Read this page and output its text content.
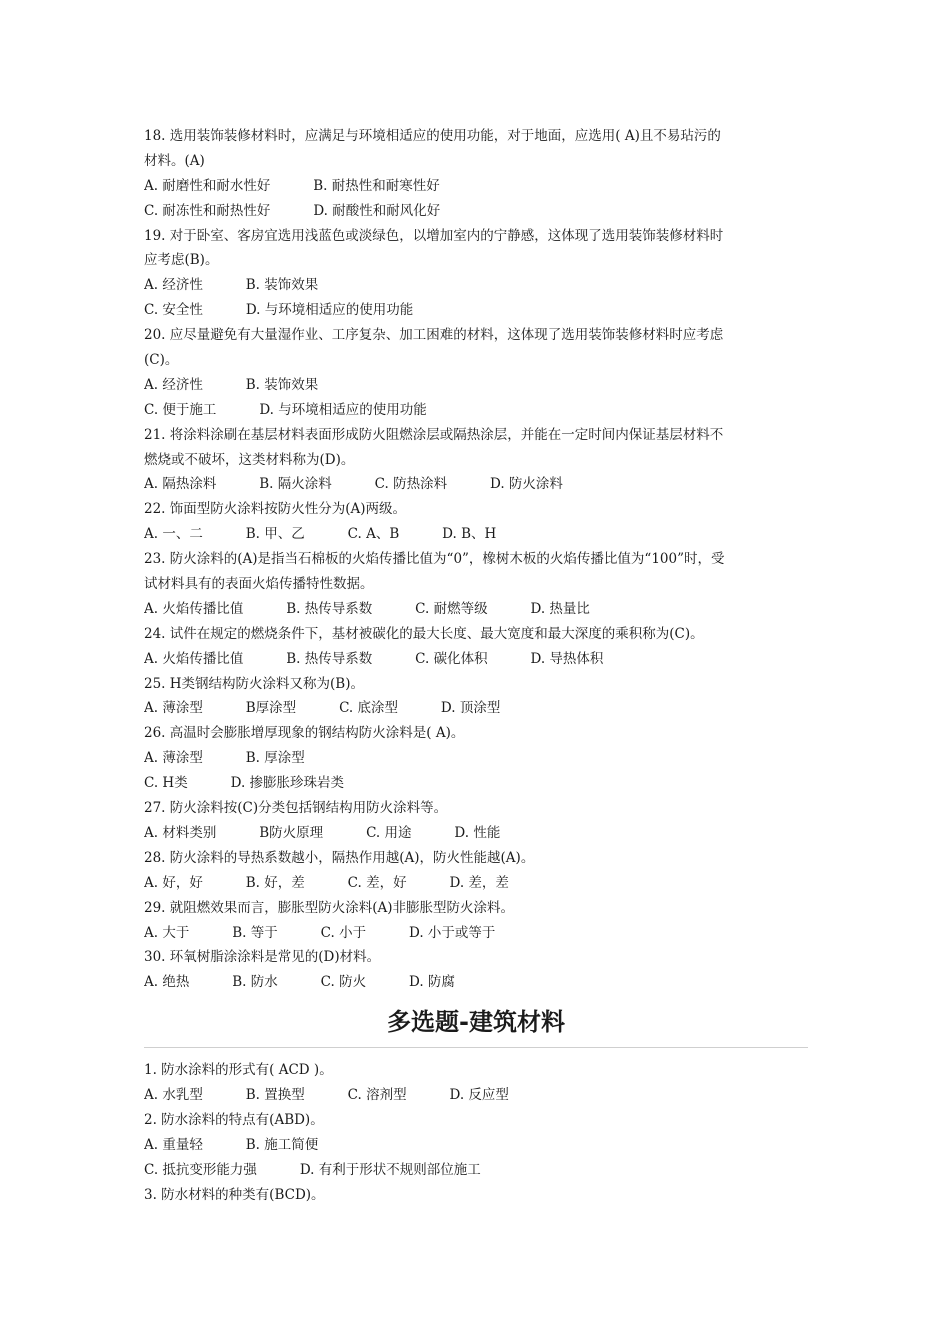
18. 选用装饰装修材料时，应满足与环境相适应的使用功能，对于地面，应选用( A)且不易玷污的
材料。(A)
A. 耐磨性和耐水性好          B. 耐热性和耐寒性好
C. 耐冻性和耐热性好          D. 耐酸性和耐风化好
19. 对于卧室、客房宜选用浅蓝色或淡绿色，以增加室内的宁静感，这体现了选用装饰装修材料时
应考虑(B)。
A. 经济性          B. 装饰效果
C. 安全性          D. 与环境相适应的使用功能
20. 应尽量避免有大量湿作业、工序复杂、加工困难的材料，这体现了选用装饰装修材料时应考虑
(C)。
A. 经济性          B. 装饰效果
C. 便于施工          D. 与环境相适应的使用功能
21. 将涂料涂刷在基层材料表面形成防火阻燃涂层或隔热涂层，并能在一定时间内保证基层材料不
燃烧或不破坏，这类材料称为(D)。
A. 隔热涂料          B. 隔火涂料          C. 防热涂料          D. 防火涂料
22. 饰面型防火涂料按防火性分为(A)两级。
A. 一、二          B. 甲、乙          C. A、B          D. B、H
23. 防火涂料的(A)是指当石棉板的火焰传播比值为“0”，橡树木板的火焰传播比值为“100”时，受
试材料具有的表面火焰传播特性数据。
A. 火焰传播比值          B. 热传导系数          C. 耐燃等级          D. 热量比
24. 试件在规定的燃烧条件下，基材被碳化的最大长度、最大宽度和最大深度的乘积称为(C)。
A. 火焰传播比值          B. 热传导系数          C. 碳化体积          D. 导热体积
25. H类钢结构防火涂料又称为(B)。
A. 薄涂型          B厚涂型          C. 底涂型          D. 顶涂型
26. 高温时会膨胀增厚现象的钢结构防火涂料是( A)。
A. 薄涂型          B. 厚涂型
C. H类          D. 掺膨胀珍珠岩类
27. 防火涂料按(C)分类包括钢结构用防火涂料等。
A. 材料类别          B防火原理          C. 用途          D. 性能
28. 防火涂料的导热系数越小，隔热作用越(A)，防火性能越(A)。
A. 好，好          B. 好，差          C. 差，好          D. 差，差
29. 就阻燃效果而言，膨胀型防火涂料(A)非膨胀型防火涂料。
A. 大于          B. 等于          C. 小于          D. 小于或等于
30. 环氧树脂涂涂料是常见的(D)材料。
A. 绝热          B. 防水          C. 防火          D. 防腐
多选题-建筑材料
1. 防水涂料的形式有( ACD )。
A. 水乳型          B. 置换型          C. 溶剂型          D. 反应型
2. 防水涂料的特点有(ABD)。
A. 重量轻          B. 施工简便
C. 抵抗变形能力强          D. 有利于形状不规则部位施工
3. 防水材料的种类有(BCD)。
